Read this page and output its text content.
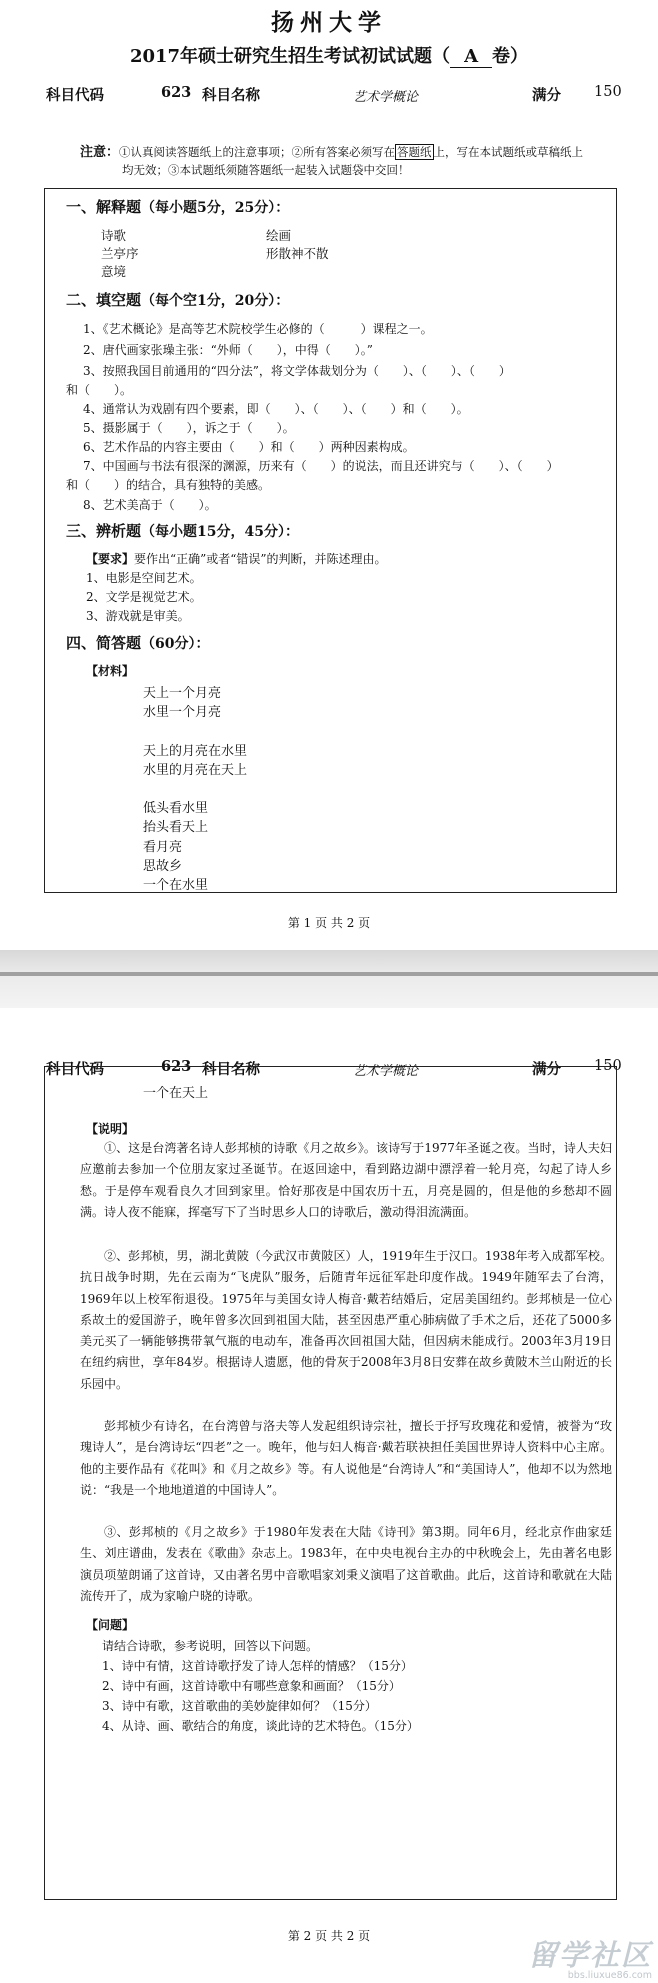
扬州大学
2017年硕士研究生招生考试初试试题（ A 卷）
科目代码	623 科目名称	艺术学概论	满分 150
注意：①认真阅读答题纸上的注意事项；②所有答案必须写在 答题纸 上，写在本试题纸或草稿纸上
均无效；③本试题纸须随答题纸一起装入试题袋中交回！
一、解释题（每小题5分，25分）：
诗歌	绘画
兰亭序	形散神不散
意境
二、填空题（每个空1分，20分）：
1、《艺术概论》是高等艺术院校学生必修的（　　　）课程之一。
2、唐代画家张璪主张：“外师（　　），中得（　　）。”
3、按照我国目前通用的“四分法”，将文学体裁划分为（　　）、（　　）、（　　）
和（　　）。
4、通常认为戏剧有四个要素，即（　　）、（　　）、（　　）和（　　）。
5、摄影属于（　　），诉之于（　　）。
6、艺术作品的内容主要由（　　）和（　　）两种因素构成。
7、中国画与书法有很深的渊源，历来有（　　）的说法，而且还讲究与（　　）、（　　）
和（　　）的结合，具有独特的美感。
8、艺术美高于（　　）。
三、辨析题（每小题15分，45分）：
【要求】要作出“正确”或者“错误”的判断，并陈述理由。
1、电影是空间艺术。
2、文学是视觉艺术。
3、游戏就是审美。
四、简答题（60分）：
【材料】
天上一个月亮
水里一个月亮
天上的月亮在水里
水里的月亮在天上
低头看水里
抬头看天上
看月亮
思故乡
一个在水里
第 1 页 共 2 页
科目代码	623 科目名称	艺术学概论	满分 150
一个在天上
【说明】
①、这是台湾著名诗人彭邦桢的诗歌《月之故乡》。该诗写于1977年圣诞之夜。当时，诗人夫妇应邀前去参加一个位朋友家过圣诞节。在返回途中，看到路边湖中漂浮着一轮月亮，勾起了诗人乡愁。于是停车观看良久才回到家里。恰好那夜是中国农历十五，月亮是圆的，但是他的乡愁却不圆满。诗人夜不能寐，挥毫写下了当时思乡人口的诗歌后，激动得泪流满面。
②、彭邦桢，男，湖北黄陂（今武汉市黄陂区）人，1919年生于汉口。1938年考入成都军校。抗日战争时期，先在云南为“飞虎队”服务，后随青年远征军赴印度作战。1949年随军去了台湾，1969年以上校军衔退役。1975年与美国女诗人梅音·戴若结婚后，定居美国纽约。彭邦桢是一位心系故土的爱国游子，晚年曾多次回到祖国大陆，甚至因患严重心肺病做了手术之后，还花了5000多美元买了一辆能够携带氧气瓶的电动车，准备再次回祖国大陆，但因病未能成行。2003年3月19日在纽约病世，享年84岁。根据诗人遗愿，他的骨灰于2008年3月8日安葬在故乡黄陂木兰山附近的长乐园中。
彭邦桢少有诗名，在台湾曾与洛夫等人发起组织诗宗社，擅长于抒写玫瑰花和爱情，被誉为“玫瑰诗人”，是台湾诗坛“四老”之一。晚年，他与妇人梅音·戴若联袂担任美国世界诗人资料中心主席。他的主要作品有《花叫》和《月之故乡》等。有人说他是“台湾诗人”和“美国诗人”，他却不以为然地说：“我是一个地地道道的中国诗人”。
③、彭邦桢的《月之故乡》于1980年发表在大陆《诗刊》第3期。同年6月，经北京作曲家廷生、刘庄谱曲，发表在《歌曲》杂志上。1983年，在中央电视台主办的中秋晚会上，先由著名电影演员项堃朗诵了这首诗，又由著名男中音歌唱家刘秉义演唱了这首歌曲。此后，这首诗和歌就在大陆流传开了，成为家喻户晓的诗歌。
【问题】
请结合诗歌，参考说明，回答以下问题。
1、诗中有情，这首诗歌抒发了诗人怎样的情感？（15分）
2、诗中有画，这首诗歌中有哪些意象和画面？（15分）
3、诗中有歌，这首歌曲的美妙旋律如何？（15分）
4、从诗、画、歌结合的角度，谈此诗的艺术特色。（15分）
第 2 页 共 2 页
留学社区
bbs.liuxue86.com
